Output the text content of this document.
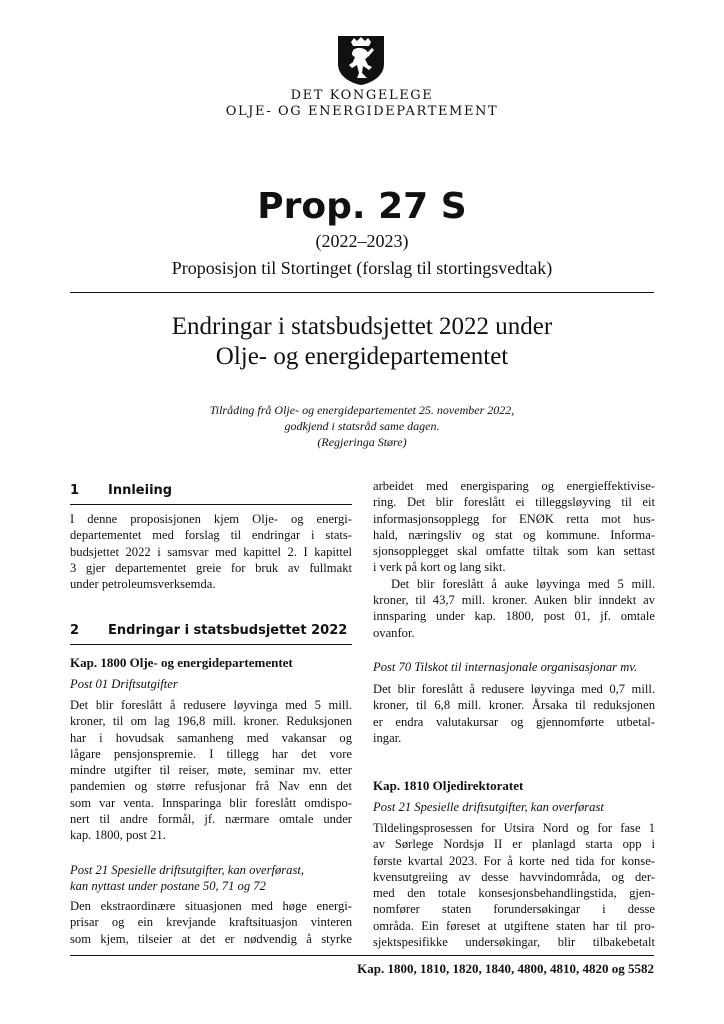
DET KONGELEGE
OLJE- OG ENERGIDEPARTEMENT
Prop. 27 S
(2022–2023)
Proposisjon til Stortinget (forslag til stortingsvedtak)
Endringar i statsbudsjettet 2022 under
Olje- og energidepartementet
Tilråding frå Olje- og energidepartementet 25. november 2022,
godkjend i statsråd same dagen.
(Regjeringa Støre)
1 Innleiing
I denne proposisjonen kjem Olje- og energi-
departementet med forslag til endringar i stats-
budsjettet 2022 i samsvar med kapittel 2. I kapittel
3 gjer departementet greie for bruk av fullmakt
under petroleumsverksemda.
2 Endringar i statsbudsjettet 2022
Kap. 1800 Olje- og energidepartementet
Post 01 Driftsutgifter
Det blir foreslått å redusere løyvinga med 5 mill.
kroner, til om lag 196,8 mill. kroner. Reduksjonen
har i hovudsak samanheng med vakansar og
lågare pensjonspremie. I tillegg har det vore
mindre utgifter til reiser, møte, seminar mv. etter
pandemien og større refusjonar frå Nav enn det
som var venta. Innsparinga blir foreslått omdispo-
nert til andre formål, jf. nærmare omtale under
kap. 1800, post 21.
Post 21 Spesielle driftsutgifter, kan overførast,
kan nyttast under postane 50, 71 og 72
Den ekstraordinære situasjonen med høge energi-
prisar og ein krevjande kraftsituasjon vinteren
som kjem, tilseier at det er nødvendig å styrke
arbeidet med energisparing og energieffektivise-
ring. Det blir foreslått ei tilleggsløyving til eit
informasjonsopplegg for ENØK retta mot hus-
hald, næringsliv og stat og kommune. Informa-
sjonsopplegget skal omfatte tiltak som kan settast
i verk på kort og lang sikt.
Det blir foreslått å auke løyvinga med 5 mill.
kroner, til 43,7 mill. kroner. Auken blir inndekt av
innsparing under kap. 1800, post 01, jf. omtale
ovanfor.
Post 70 Tilskot til internasjonale organisasjonar mv.
Det blir foreslått å redusere løyvinga med 0,7 mill.
kroner, til 6,8 mill. kroner. Årsaka til reduksjonen
er endra valutakursar og gjennomførte utbetal-
ingar.
Kap. 1810 Oljedirektoratet
Post 21 Spesielle driftsutgifter, kan overførast
Tildelingsprosessen for Utsira Nord og for fase 1
av Sørlege Nordsjø II er planlagd starta opp i
første kvartal 2023. For å korte ned tida for konse-
kvensutgreiing av desse havvindområda, og der-
med den totale konsesjonsbehandlingstida, gjen-
nomfører staten forundersøkingar i desse
områda. Ein føreset at utgiftene staten har til pro-
sjektspesifikke undersøkingar, blir tilbakebetalt
Kap. 1800, 1810, 1820, 1840, 4800, 4810, 4820 og 5582
